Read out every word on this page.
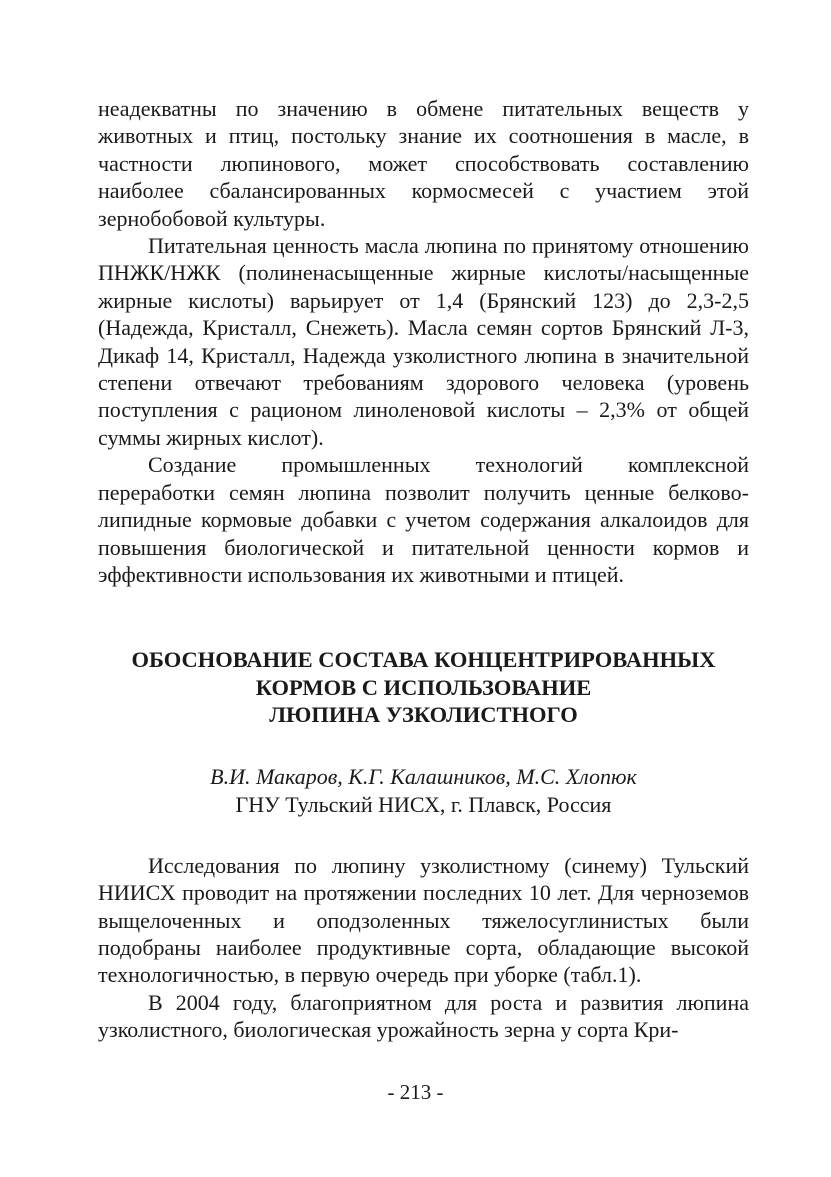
неадекватны по значению в обмене питательных веществ у животных и птиц, постольку знание их соотношения в масле, в частности люпинового, может способствовать составлению наиболее сбалансированных кормосмесей с участием этой зернобобовой культуры.

Питательная ценность масла люпина по принятому отношению ПНЖК/НЖК (полиненасыщенные жирные кислоты/насыщенные жирные кислоты) варьирует от 1,4 (Брянский 123) до 2,3-2,5 (Надежда, Кристалл, Снежеть). Масла семян сортов Брянский Л-3, Дикаф 14, Кристалл, Надежда узколистного люпина в значительной степени отвечают требованиям здорового человека (уровень поступления с рационом линоленовой кислоты – 2,3% от общей суммы жирных кислот).

Создание промышленных технологий комплексной переработки семян люпина позволит получить ценные белково-липидные кормовые добавки с учетом содержания алкалоидов для повышения биологической и питательной ценности кормов и эффективности использования их животными и птицей.

ОБОСНОВАНИЕ СОСТАВА КОНЦЕНТРИРОВАННЫХ

КОРМОВ С ИСПОЛЬЗОВАНИЕ

ЛЮПИНА УЗКОЛИСТНОГО

В.И. Макаров, К.Г. Калашников, М.С. Хлопюк

ГНУ Тульский НИСХ, г. Плавск, Россия

Исследования по люпину узколистному (синему) Тульский НИИСХ проводит на протяжении последних 10 лет. Для черноземов выщелоченных и оподзоленных тяжелосуглинистых были подобраны наиболее продуктивные сорта, обладающие высокой технологичностью, в первую очередь при уборке (табл.1).

В 2004 году, благоприятном для роста и развития люпина узколистного, биологическая урожайность зерна у сорта Кри-

- 213 -
